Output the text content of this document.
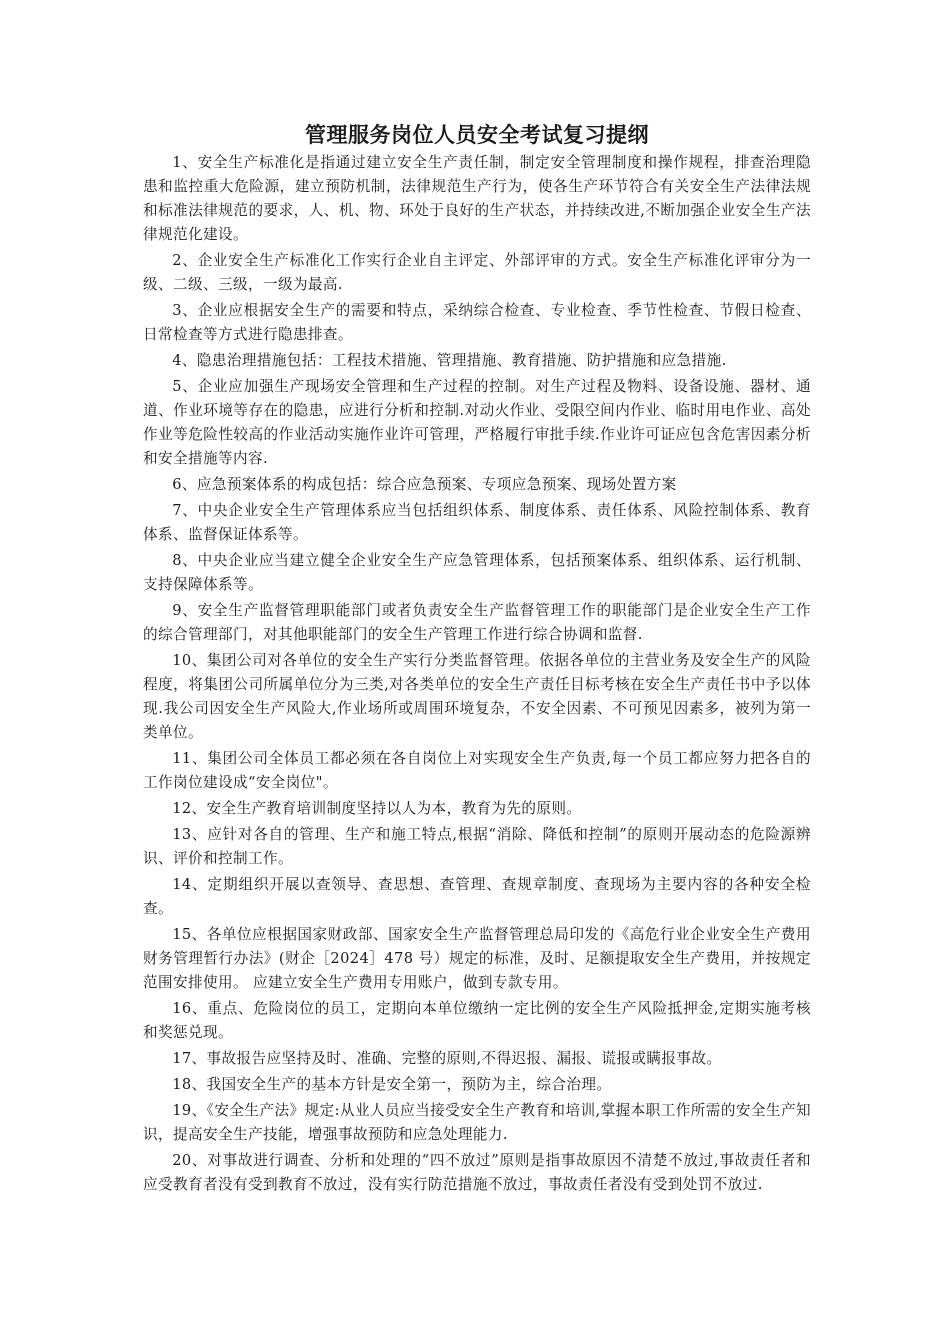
管理服务岗位人员安全考试复习提纲

1、安全生产标准化是指通过建立安全生产责任制，制定安全管理制度和操作规程，排查治理隐患和监控重大危险源，建立预防机制，法律规范生产行为，使各生产环节符合有关安全生产法律法规和标准法律规范的要求，人、机、物、环处于良好的生产状态，并持续改进,不断加强企业安全生产法律规范化建设。

2、企业安全生产标准化工作实行企业自主评定、外部评审的方式。安全生产标准化评审分为一级、二级、三级，一级为最高.

3、企业应根据安全生产的需要和特点，采纳综合检查、专业检查、季节性检查、节假日检查、日常检查等方式进行隐患排查。

4、隐患治理措施包括：工程技术措施、管理措施、教育措施、防护措施和应急措施.

5、企业应加强生产现场安全管理和生产过程的控制。对生产过程及物料、设备设施、器材、通道、作业环境等存在的隐患，应进行分析和控制.对动火作业、受限空间内作业、临时用电作业、高处作业等危险性较高的作业活动实施作业许可管理，严格履行审批手续.作业许可证应包含危害因素分析和安全措施等内容.

6、应急预案体系的构成包括：综合应急预案、专项应急预案、现场处置方案

7、中央企业安全生产管理体系应当包括组织体系、制度体系、责任体系、风险控制体系、教育体系、监督保证体系等。

8、中央企业应当建立健全企业安全生产应急管理体系，包括预案体系、组织体系、运行机制、支持保障体系等。

9、安全生产监督管理职能部门或者负责安全生产监督管理工作的职能部门是企业安全生产工作的综合管理部门，对其他职能部门的安全生产管理工作进行综合协调和监督.

10、集团公司对各单位的安全生产实行分类监督管理。依据各单位的主营业务及安全生产的风险程度，将集团公司所属单位分为三类,对各类单位的安全生产责任目标考核在安全生产责任书中予以体现.我公司因安全生产风险大,作业场所或周围环境复杂，不安全因素、不可预见因素多，被列为第一类单位。

11、集团公司全体员工都必须在各自岗位上对实现安全生产负责,每一个员工都应努力把各自的工作岗位建设成“安全岗位"。

12、安全生产教育培训制度坚持以人为本，教育为先的原则。

13、应针对各自的管理、生产和施工特点,根据“消除、降低和控制”的原则开展动态的危险源辨识、评价和控制工作。

14、定期组织开展以查领导、查思想、查管理、查规章制度、查现场为主要内容的各种安全检查。

15、各单位应根据国家财政部、国家安全生产监督管理总局印发的《高危行业企业安全生产费用财务管理暂行办法》(财企［2024］478 号）规定的标准，及时、足额提取安全生产费用，并按规定范围安排使用。 应建立安全生产费用专用账户，做到专款专用。

16、重点、危险岗位的员工，定期向本单位缴纳一定比例的安全生产风险抵押金,定期实施考核和奖惩兑现。

17、事故报告应坚持及时、准确、完整的原则,不得迟报、漏报、谎报或瞒报事故。

18、我国安全生产的基本方针是安全第一，预防为主，综合治理。

19、《安全生产法》规定:从业人员应当接受安全生产教育和培训,掌握本职工作所需的安全生产知识，提高安全生产技能，增强事故预防和应急处理能力.

20、对事故进行调查、分析和处理的“四不放过”原则是指事故原因不清楚不放过,事故责任者和应受教育者没有受到教育不放过，没有实行防范措施不放过，事故责任者没有受到处罚不放过.
